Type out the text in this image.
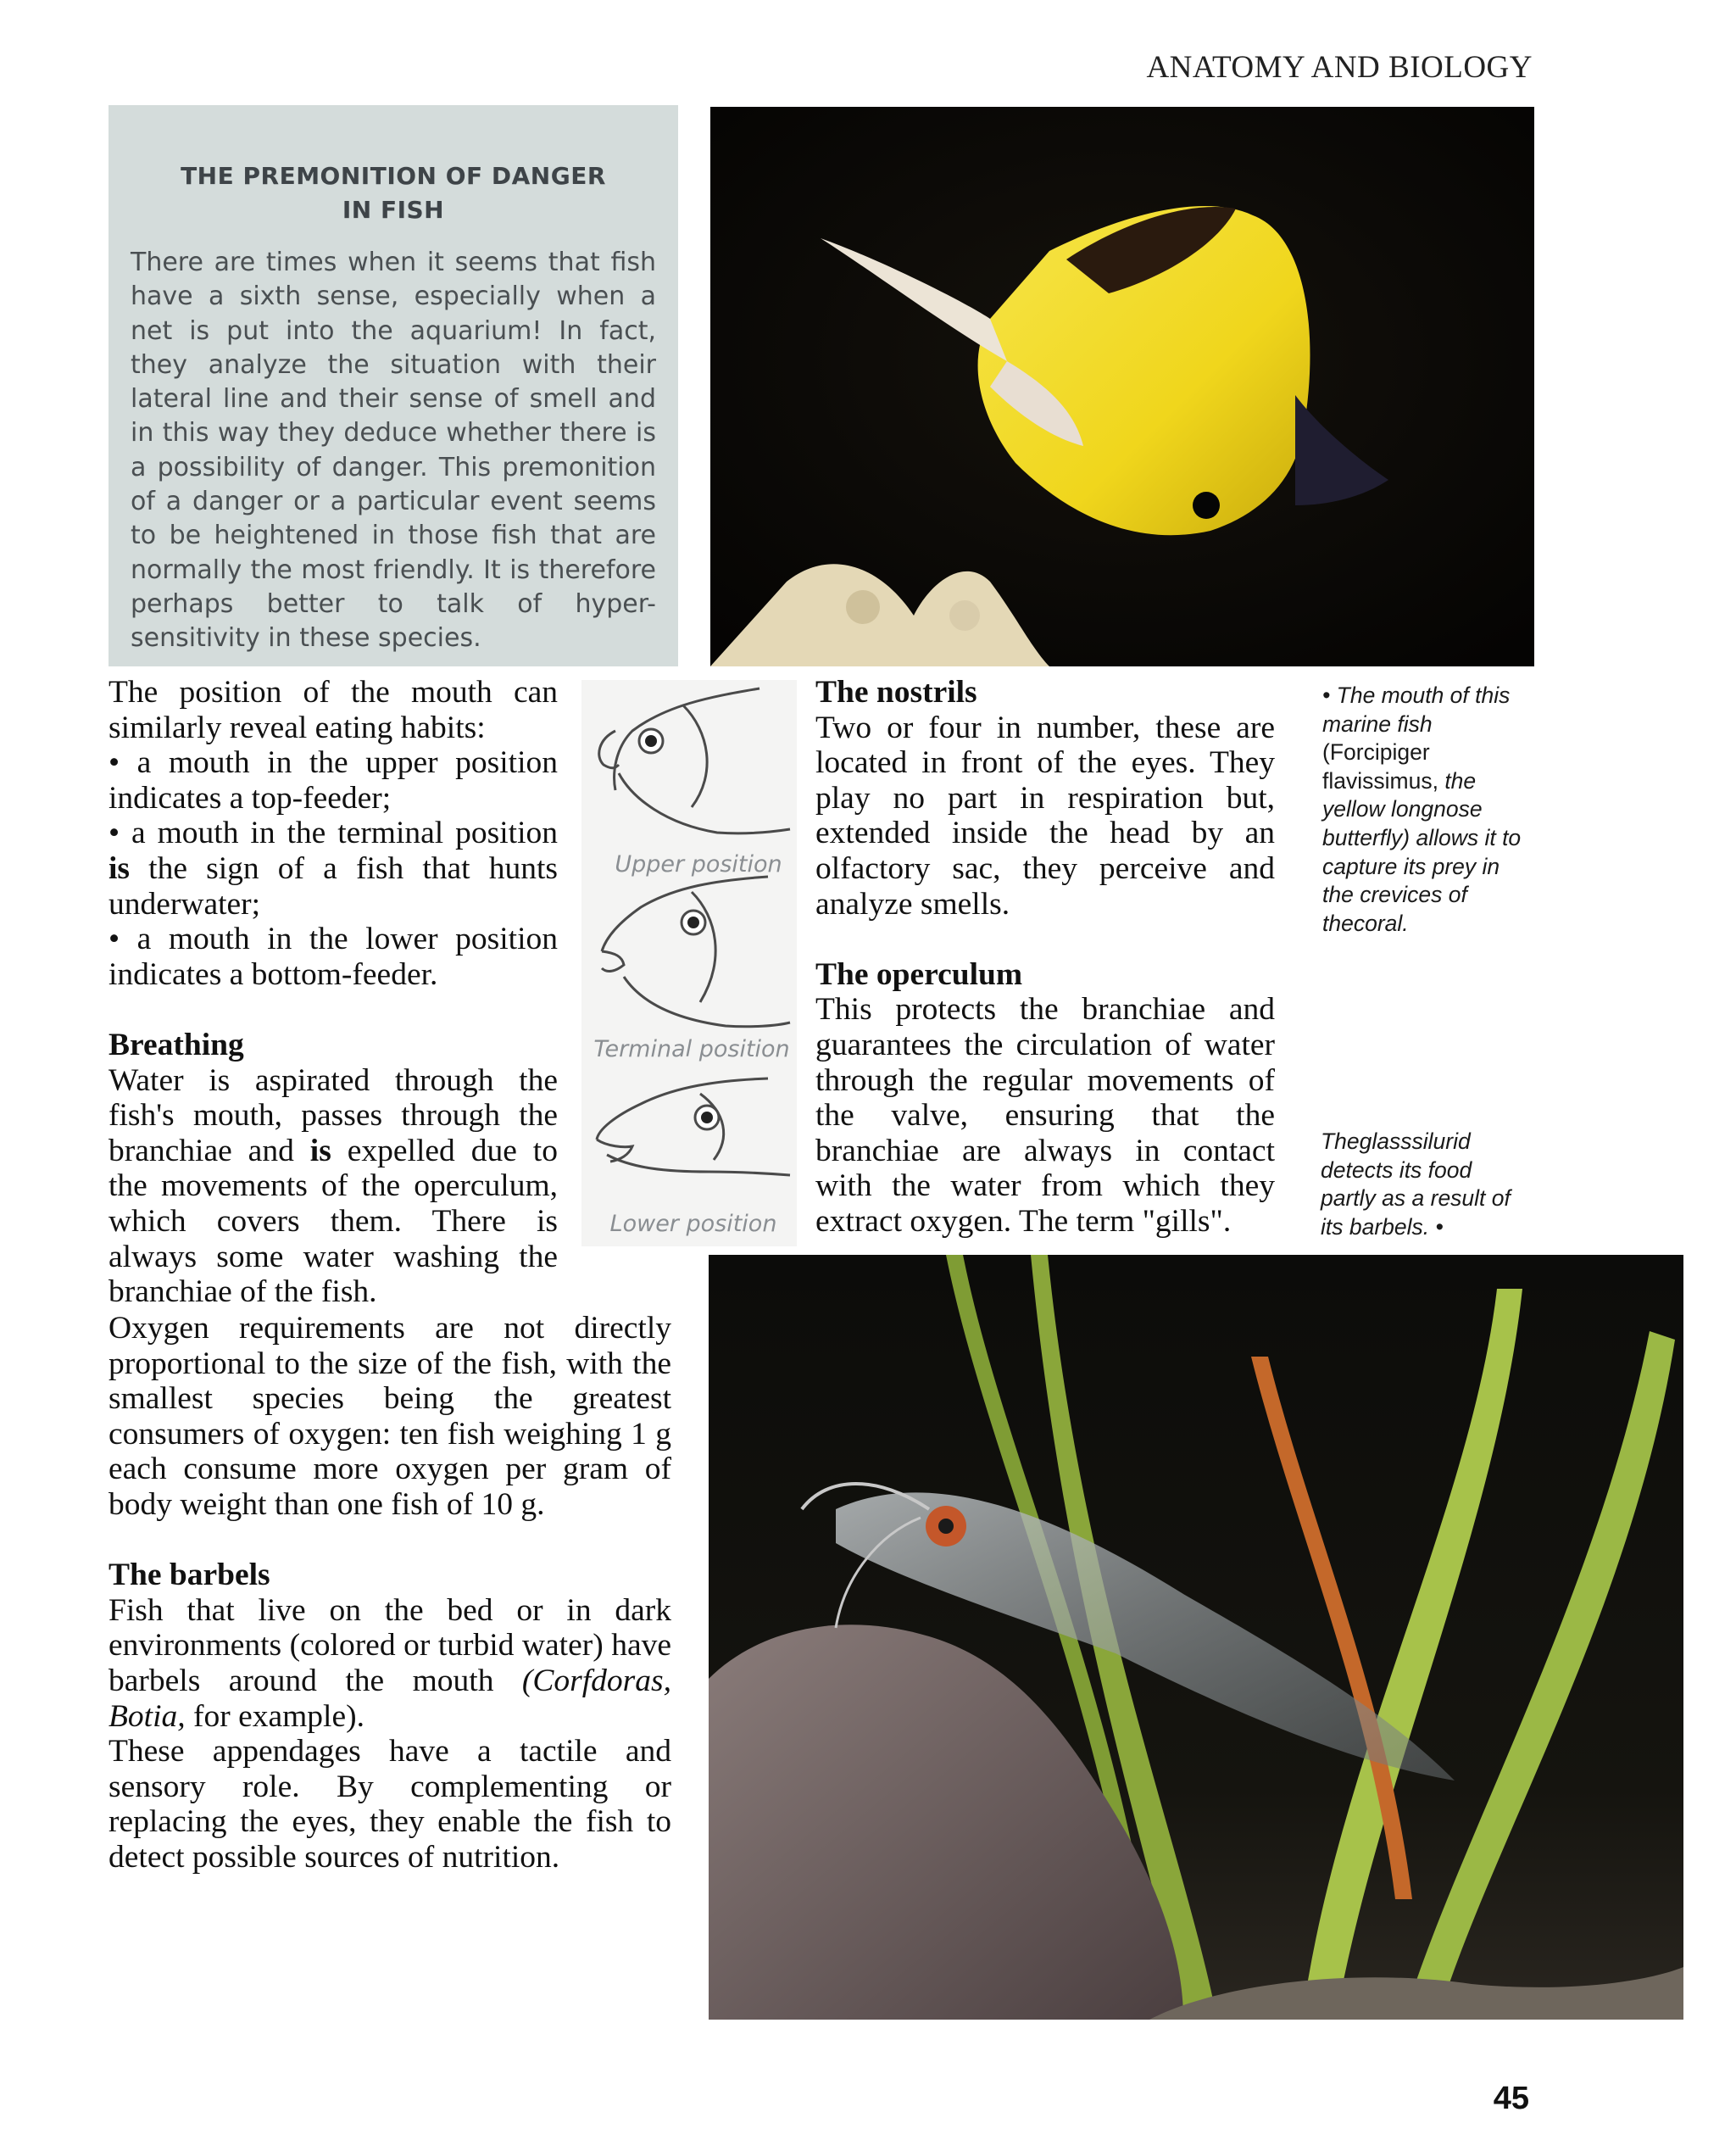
ANATOMY AND BIOLOGY
THE PREMONITION OF DANGER
IN FISH
There are times when it seems that fish have a sixth sense, especially when a net is put into the aquarium! In fact, they analyze the situation with their lateral line and their sense of smell and in this way they deduce whether there is a possibility of danger. This premonition of a danger or a particular event seems to be heightened in those fish that are normally the most friendly. It is therefore perhaps better to talk of hyper-sensitivity in these species.

The position of the mouth can similarly reveal eating habits:

• a mouth in the upper position indicates a top-feeder;

• a mouth in the terminal position is the sign of a fish that hunts underwater;

• a mouth in the lower position indicates a bottom-feeder.

Breathing

Water is aspirated through the fish's mouth, passes through the branchiae and is expelled due to the movements of the operculum, which covers them. There is always some water washing the branchiae of the fish.

Oxygen requirements are not directly proportional to the size of the fish, with the smallest species being the greatest consumers of oxygen: ten fish weighing 1 g each consume more oxygen per gram of body weight than one fish of 10 g.

The barbels

Fish that live on the bed or in dark environments (colored or turbid water) have barbels around the mouth (Corfdoras, Botia, for example).

These appendages have a tactile and sensory role. By complementing or replacing the eyes, they enable the fish to detect possible sources of nutrition.

Upper position
Terminal position
Lower position

The nostrils

Two or four in number, these are located in front of the eyes. They play no part in respiration but, extended inside the head by an olfactory sac, they perceive and analyze smells.

The operculum

This protects the branchiae and guarantees the circulation of water through the regular movements of the valve, ensuring that the branchiae are always in contact with the water from which they extract oxygen. The term "gills".

• The mouth of this marine fish (Forcipiger flavissimus, the yellow longnose butterfly) allows it to capture its prey in the crevices of thecoral.
Theglasssilurid detects its food partly as a result of its barbels. •
45
